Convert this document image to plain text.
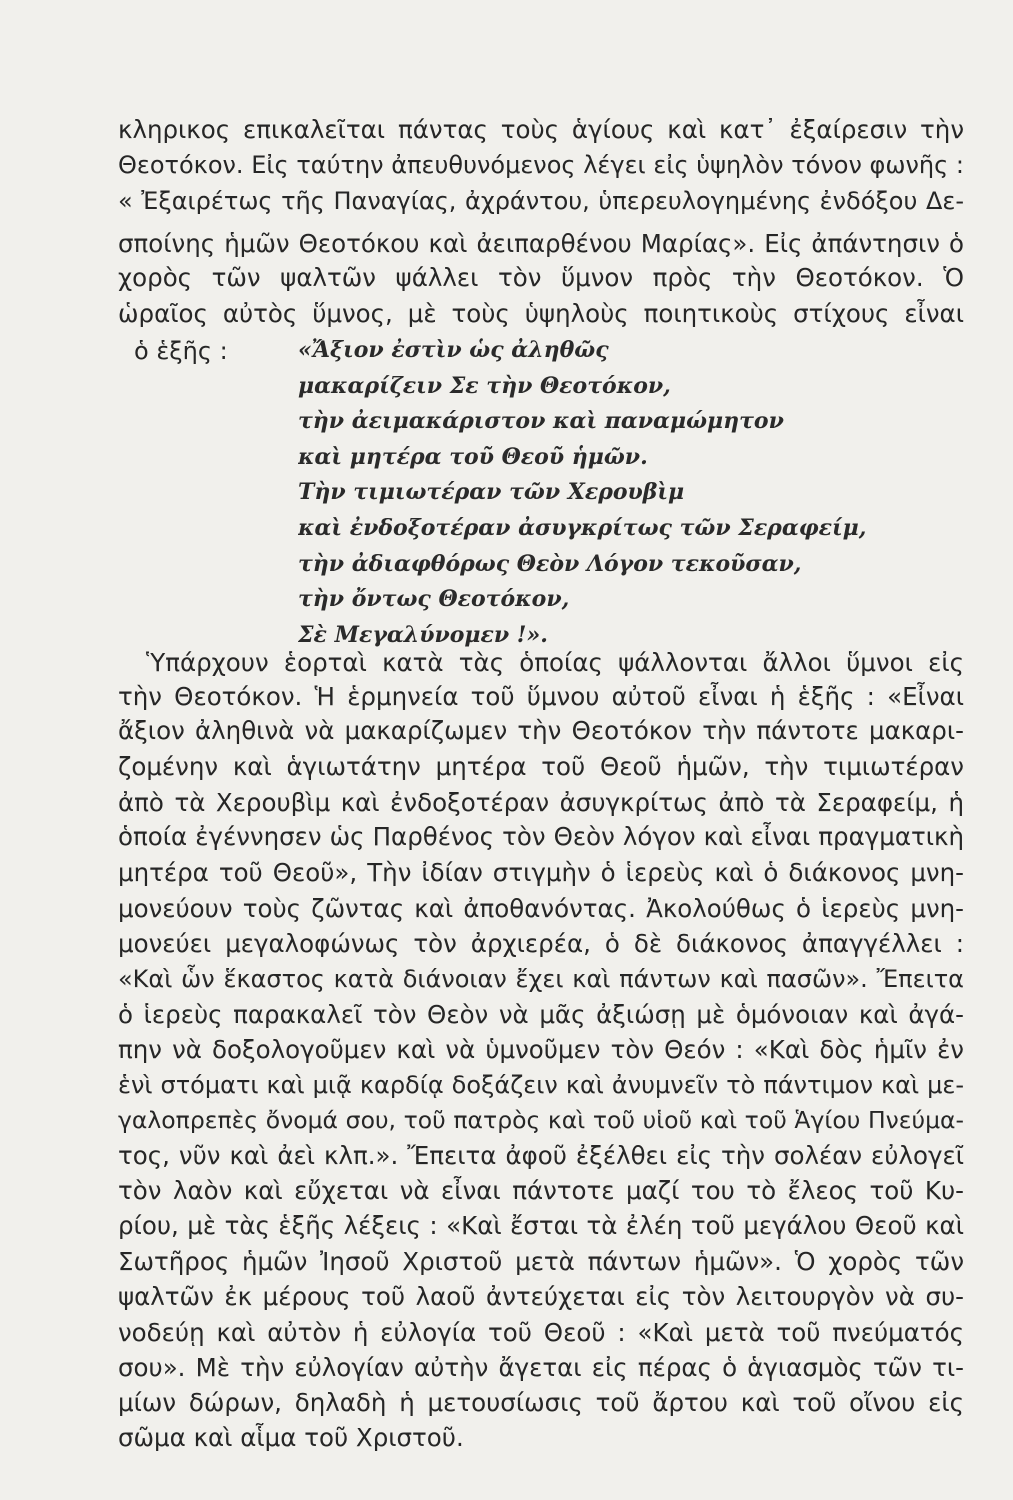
κληρικος επικαλεῖται πάντας τοὺς ἁγίους καὶ κατ᾽ ἐξαίρεσιν τὴν
Θεοτόκον. Εἰς ταύτην ἀπευθυνόμενος λέγει εἰς ὑψηλὸν τόνον φωνῆς :
« Ἐξαιρέτως τῆς Παναγίας, ἀχράντου, ὑπερευλογημένης ἐνδόξου Δε-
σποίνης ἡμῶν Θεοτόκου καὶ ἀειπαρθένου Μαρίας». Εἰς ἀπάντησιν ὁ
χορὸς τῶν ψαλτῶν ψάλλει τὸν ὕμνον πρὸς τὴν Θεοτόκον. Ὁ
ὡραῖος αὐτὸς ὕμνος, μὲ τοὺς ὑψηλοὺς ποιητικοὺς στίχους εἶναι
ὁ ἑξῆς :	«Ἄξιον ἐστὶν ὡς ἀληθῶς
μακαρίζειν Σε τὴν Θεοτόκον,
τὴν ἀειμακάριστον καὶ παναμώμητον
καὶ μητέρα τοῦ Θεοῦ ἡμῶν.
Τὴν τιμιωτέραν τῶν Χερουβὶμ
καὶ ἐνδοξοτέραν ἀσυγκρίτως τῶν Σεραφείμ,
τὴν ἀδιαφθόρως Θεὸν Λόγον τεκοῦσαν,
τὴν ὄντως Θεοτόκον,
Σὲ Μεγαλύνομεν !».
Ὑπάρχουν ἑορταὶ κατὰ τὰς ὁποίας ψάλλονται ἄλλοι ὕμνοι εἰς
τὴν Θεοτόκον. Ἡ ἑρμηνεία τοῦ ὕμνου αὐτοῦ εἶναι ἡ ἑξῆς : «Εἶναι
ἄξιον ἀληθινὰ νὰ μακαρίζωμεν τὴν Θεοτόκον τὴν πάντοτε μακαρι-
ζομένην καὶ ἁγιωτάτην μητέρα τοῦ Θεοῦ ἡμῶν, τὴν τιμιωτέραν
ἀπὸ τὰ Χερουβὶμ καὶ ἐνδοξοτέραν ἀσυγκρίτως ἀπὸ τὰ Σεραφείμ, ἡ
ὁποία ἐγέννησεν ὡς Παρθένος τὸν Θεὸν λόγον καὶ εἶναι πραγματικὴ
μητέρα τοῦ Θεοῦ», Τὴν ἰδίαν στιγμὴν ὁ ἱερεὺς καὶ ὁ διάκονος μνη-
μονεύουν τοὺς ζῶντας καὶ ἀποθανόντας. Ἀκολούθως ὁ ἱερεὺς μνη-
μονεύει μεγαλοφώνως τὸν ἀρχιερέα, ὁ δὲ διάκονος ἀπαγγέλλει :
«Καὶ ὧν ἕκαστος κατὰ διάνοιαν ἔχει καὶ πάντων καὶ πασῶν». Ἔπειτα
ὁ ἱερεὺς παρακαλεῖ τὸν Θεὸν νὰ μᾶς ἀξιώσῃ μὲ ὁμόνοιαν καὶ ἀγά-
πην νὰ δοξολογοῦμεν καὶ νὰ ὑμνοῦμεν τὸν Θεόν : «Καὶ δὸς ἡμῖν ἐν
ἑνὶ στόματι καὶ μιᾷ καρδίᾳ δοξάζειν καὶ ἀνυμνεῖν τὸ πάντιμον καὶ με-
γαλοπρεπὲς ὄνομά σου, τοῦ πατρὸς καὶ τοῦ υἱοῦ καὶ τοῦ Ἁγίου Πνεύμα-
τος, νῦν καὶ ἀεὶ κλπ.». Ἔπειτα ἀφοῦ ἐξέλθει εἰς τὴν σολέαν εὐλογεῖ
τὸν λαὸν καὶ εὔχεται νὰ εἶναι πάντοτε μαζί του τὸ ἔλεος τοῦ Κυ-
ρίου, μὲ τὰς ἑξῆς λέξεις : «Καὶ ἔσται τὰ ἐλέη τοῦ μεγάλου Θεοῦ καὶ
Σωτῆρος ἡμῶν Ἰησοῦ Χριστοῦ μετὰ πάντων ἡμῶν». Ὁ χορὸς τῶν
ψαλτῶν ἐκ μέρους τοῦ λαοῦ ἀντεύχεται εἰς τὸν λειτουργὸν νὰ συ-
νοδεύῃ καὶ αὐτὸν ἡ εὐλογία τοῦ Θεοῦ : «Καὶ μετὰ τοῦ πνεύματός
σου». Μὲ τὴν εὐλογίαν αὐτὴν ἄγεται εἰς πέρας ὁ ἁγιασμὸς τῶν τι-
μίων δώρων, δηλαδὴ ἡ μετουσίωσις τοῦ ἄρτου καὶ τοῦ οἴνου εἰς
σῶμα καὶ αἷμα τοῦ Χριστοῦ.
